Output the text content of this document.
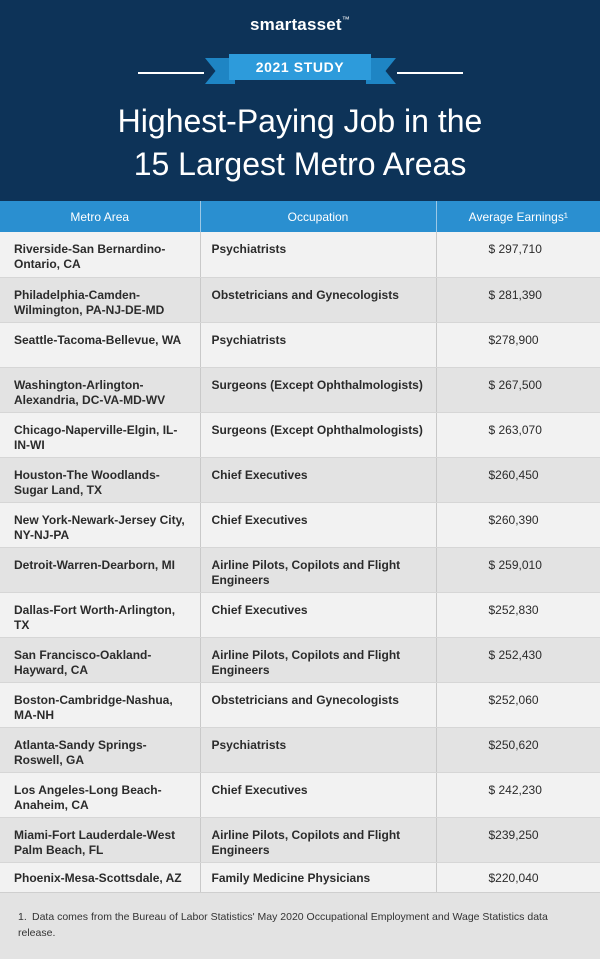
smartasset™
2021 STUDY
Highest-Paying Job in the
15 Largest Metro Areas
Metro Area	Occupation	Average Earnings¹
Riverside-San Bernardino-Ontario, CA	Psychiatrists	$ 297,710
Philadelphia-Camden-Wilmington, PA-NJ-DE-MD	Obstetricians and Gynecologists	$ 281,390
Seattle-Tacoma-Bellevue, WA	Psychiatrists	$278,900
Washington-Arlington-Alexandria, DC-VA-MD-WV	Surgeons (Except Ophthalmologists)	$ 267,500
Chicago-Naperville-Elgin, IL-IN-WI	Surgeons (Except Ophthalmologists)	$ 263,070
Houston-The Woodlands-Sugar Land, TX	Chief Executives	$260,450
New York-Newark-Jersey City, NY-NJ-PA	Chief Executives	$260,390
Detroit-Warren-Dearborn, MI	Airline Pilots, Copilots and Flight Engineers	$ 259,010
Dallas-Fort Worth-Arlington, TX	Chief Executives	$252,830
San Francisco-Oakland-Hayward, CA	Airline Pilots, Copilots and Flight Engineers	$ 252,430
Boston-Cambridge-Nashua, MA-NH	Obstetricians and Gynecologists	$252,060
Atlanta-Sandy Springs-Roswell, GA	Psychiatrists	$250,620
Los Angeles-Long Beach-Anaheim, CA	Chief Executives	$ 242,230
Miami-Fort Lauderdale-West Palm Beach, FL	Airline Pilots, Copilots and Flight Engineers	$239,250
Phoenix-Mesa-Scottsdale, AZ	Family Medicine Physicians	$220,040

1. Data comes from the Bureau of Labor Statistics' May 2020 Occupational Employment and Wage Statistics data release.
